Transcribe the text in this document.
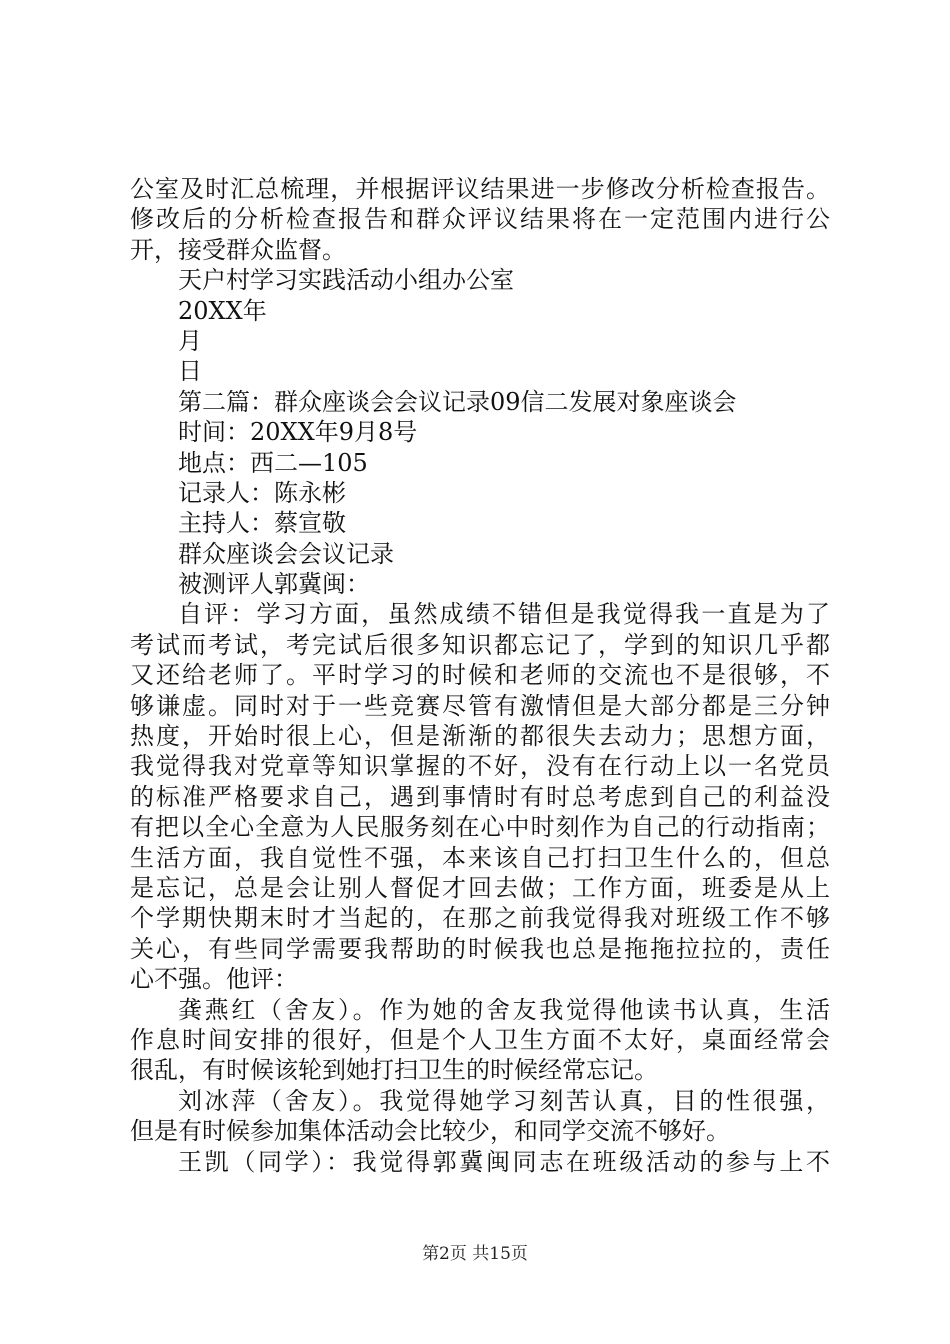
公室及时汇总梳理，并根据评议结果进一步修改分析检查报告。
修改后的分析检查报告和群众评议结果将在一定范围内进行公
开，接受群众监督。
天户村学习实践活动小组办公室
20XX年
月
日
第二篇：群众座谈会会议记录09信二发展对象座谈会
时间：20XX年9月8号
地点：西二—105
记录人：陈永彬
主持人：蔡宣敬
群众座谈会会议记录
被测评人郭冀闽：
自评：学习方面，虽然成绩不错但是我觉得我一直是为了
考试而考试，考完试后很多知识都忘记了，学到的知识几乎都
又还给老师了。平时学习的时候和老师的交流也不是很够，不
够谦虚。同时对于一些竞赛尽管有激情但是大部分都是三分钟
热度，开始时很上心，但是渐渐的都很失去动力；思想方面，
我觉得我对党章等知识掌握的不好，没有在行动上以一名党员
的标准严格要求自己，遇到事情时有时总考虑到自己的利益没
有把以全心全意为人民服务刻在心中时刻作为自己的行动指南；
生活方面，我自觉性不强，本来该自己打扫卫生什么的，但总
是忘记，总是会让别人督促才回去做；工作方面，班委是从上
个学期快期末时才当起的，在那之前我觉得我对班级工作不够
关心，有些同学需要我帮助的时候我也总是拖拖拉拉的，责任
心不强。他评：
龚燕红（舍友）。作为她的舍友我觉得他读书认真，生活
作息时间安排的很好，但是个人卫生方面不太好，桌面经常会
很乱，有时候该轮到她打扫卫生的时候经常忘记。
刘冰萍（舍友）。我觉得她学习刻苦认真，目的性很强，
但是有时候参加集体活动会比较少，和同学交流不够好。
王凯（同学）：我觉得郭冀闽同志在班级活动的参与上不
第2页 共15页
